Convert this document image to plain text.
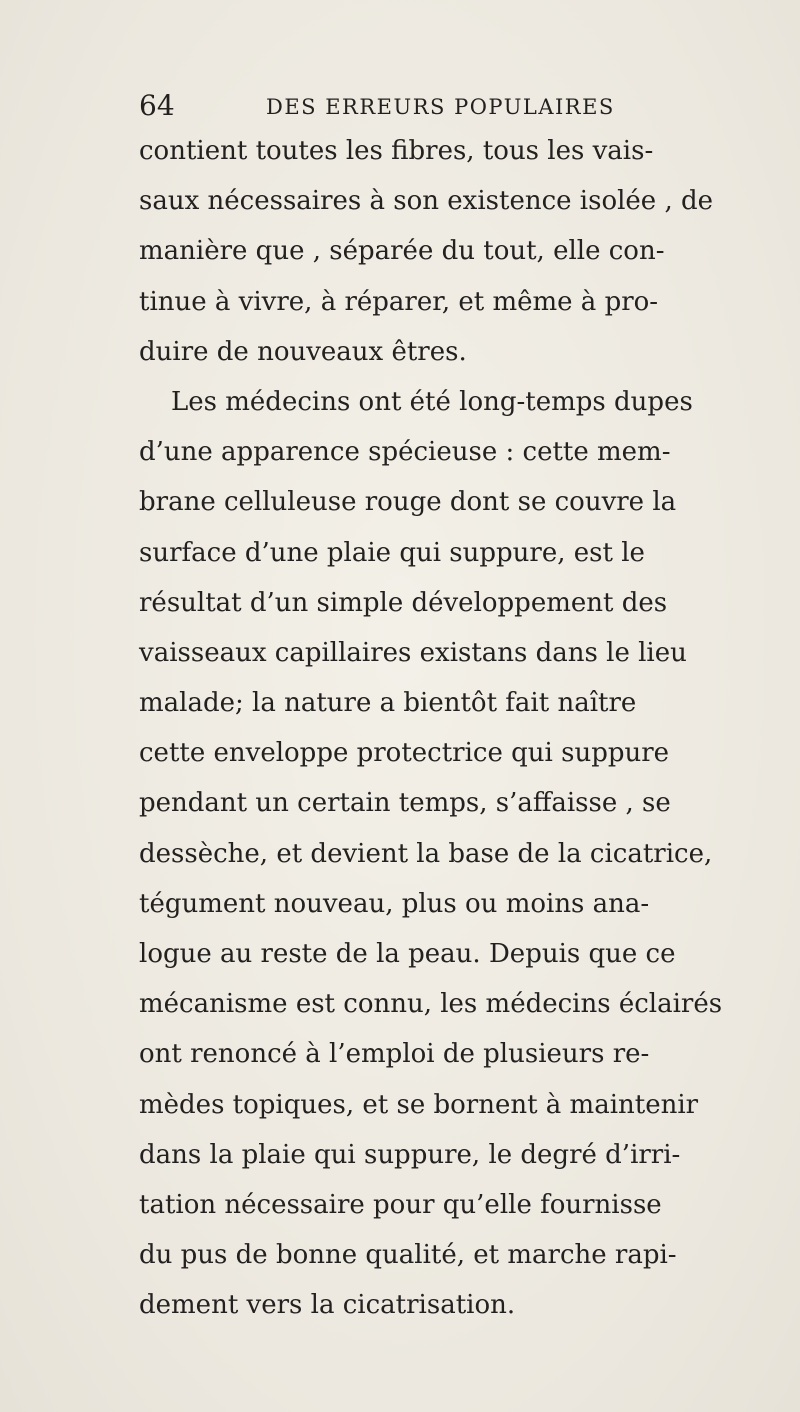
64	DES ERREURS POPULAIRES
contient toutes les fibres, tous les vais-
saux nécessaires à son existence isolée , de
manière que , séparée du tout, elle con-
tinue à vivre, à réparer, et même à pro-
duire de nouveaux êtres.
Les médecins ont été long-temps dupes
d’une apparence spécieuse : cette mem-
brane celluleuse rouge dont se couvre la
surface d’une plaie qui suppure, est le
résultat d’un simple développement des
vaisseaux capillaires existans dans le lieu
malade; la nature a bientôt fait naître
cette enveloppe protectrice qui suppure
pendant un certain temps, s’affaisse , se
dessèche, et devient la base de la cicatrice,
tégument nouveau, plus ou moins ana-
logue au reste de la peau. Depuis que ce
mécanisme est connu, les médecins éclairés
ont renoncé à l’emploi de plusieurs re-
mèdes topiques, et se bornent à maintenir
dans la plaie qui suppure, le degré d’irri-
tation nécessaire pour qu’elle fournisse
du pus de bonne qualité, et marche rapi-
dement vers la cicatrisation.
